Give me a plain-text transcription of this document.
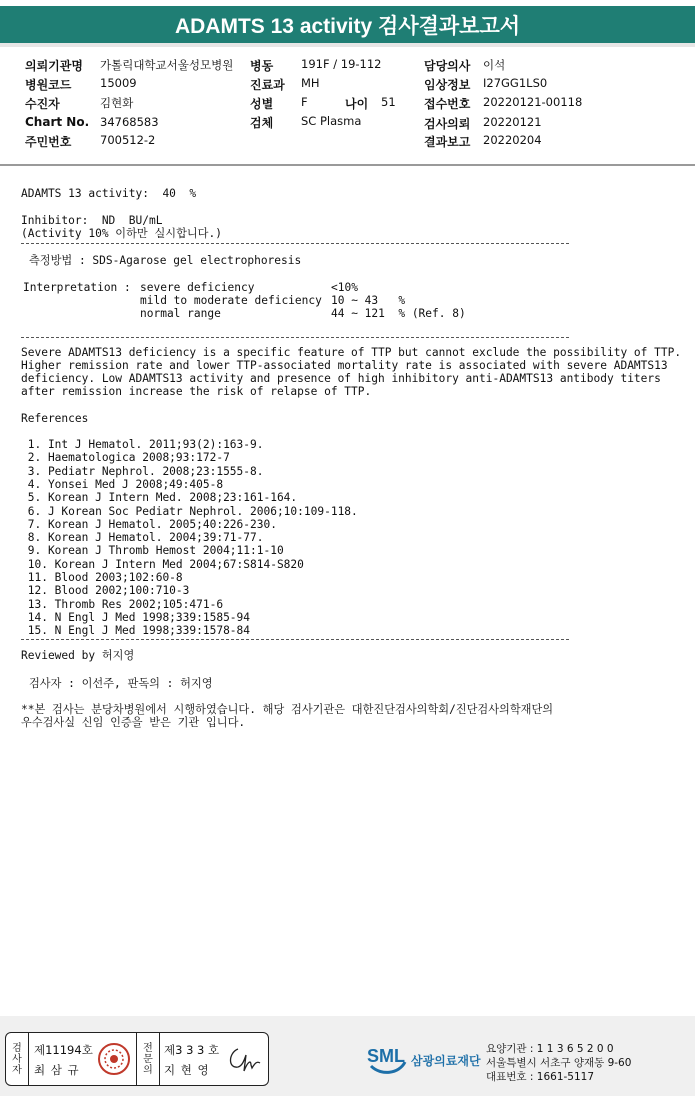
ADAMTS 13 activity 검사결과보고서
의뢰기관명 가톨릭대학교서울성모병원 병동 191F / 19-112	담당의사 이석
병원코드 15009	진료과 MH	임상정보 I27GG1LS0
수진자	김현화	성별 F	나이 51 접수번호 20220121-00118
Chart No. 34768583	검체 SC Plasma	검사의뢰 20220121
주민번호 700512-2	결과보고 20220204
ADAMTS 13 activity:  40  %
Inhibitor:  ND  BU/mL
(Activity 10% 이하만 실시합니다.)
측정방법 : SDS-Agarose gel electrophoresis
Interpretation : severe deficiency	<10%
mild to moderate deficiency 10 ~ 43   %
normal range	44 ~ 121  % (Ref. 8)
Severe ADAMTS13 deficiency is a specific feature of TTP but cannot exclude the possibility of TTP.
Higher remission rate and lower TTP-associated mortality rate is associated with severe ADAMTS13
deficiency. Low ADAMTS13 activity and presence of high inhibitory anti-ADAMTS13 antibody titers
after remission increase the risk of relapse of TTP.
References
1. Int J Hematol. 2011;93(2):163-9.
2. Haematologica 2008;93:172-7
3. Pediatr Nephrol. 2008;23:1555-8.
4. Yonsei Med J 2008;49:405-8
5. Korean J Intern Med. 2008;23:161-164.
6. J Korean Soc Pediatr Nephrol. 2006;10:109-118.
7. Korean J Hematol. 2005;40:226-230.
8. Korean J Hematol. 2004;39:71-77.
9. Korean J Thromb Hemost 2004;11:1-10
10. Korean J Intern Med 2004;67:S814-S820
11. Blood 2003;102:60-8
12. Blood 2002;100:710-3
13. Thromb Res 2002;105:471-6
14. N Engl J Med 1998;339:1585-94
15. N Engl J Med 1998;339:1578-84
Reviewed by 허지영
검사자 : 이선주, 판독의 : 허지영
**본 검사는 분당차병원에서 시행하였습니다. 해당 검사기관은 대한진단검사의학회/진단검사의학재단의
우수검사실 신임 인증을 받은 기관 입니다.
검
사
자
제11194호
최 삼 규
전
문
의
제3 3 3 호
지 현 영
SML 삼광의료재단
요양기관 : 1 1 3 6 5 2 0 0
서울특별시 서초구 양재동 9-60
대표번호 : 1661-5117
